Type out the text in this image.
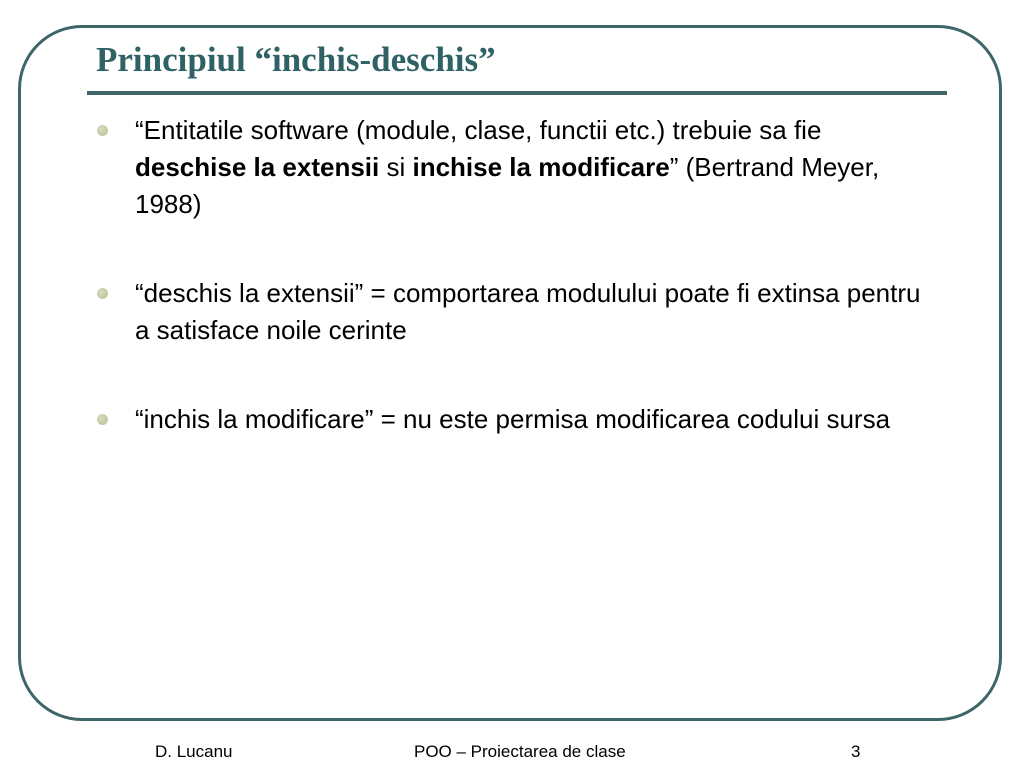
Principiul “inchis-deschis”
“Entitatile software (module, clase, functii etc.) trebuie sa fie deschise la extensii si inchise la modificare” (Bertrand Meyer, 1988)
“deschis la extensii” = comportarea modulului poate fi extinsa pentru a satisface noile cerinte
“inchis la modificare” = nu este permisa modificarea codului sursa
D. Lucanu	POO – Proiectarea de clase	3
